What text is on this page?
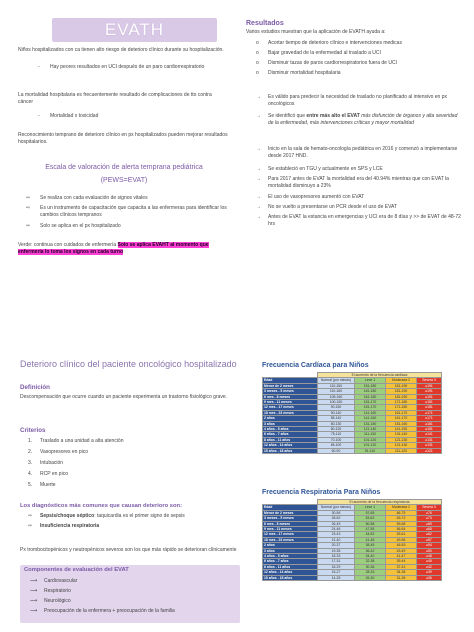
EVATH
Niños hospitalizados con ca tienen alto riesgo de deterioro clínico durante su hospitalización.
- Hay peores resultados en UCI después de un paro cardiorrespiratorio
La mortalidad hospitalaria es frecuentemente resultado de complicaciones de tto contra cáncer
- Mortalidad x toxicidad
Reconocimiento temprano de deterioro clínico en px hospitalizados pueden mejorar resultados hospitalarios.
Escala de valoración de alerta temprana pediátrica
(PEWS=EVAT)
⇨ Se realiza con cada evaluación de signos vitales
⇨ Es un instrumento de capacitación que capacita a las enfermeras para identificar los cambios clínicos tempranos
⇨ Solo se aplica en el px hospitalizado
Verde: continua con cuidados de enfermería Solo se aplica EVAHT al momento que enfermería lo toma los signos en cada turno
Resultados
Varios estudios muestran que la aplicación de EVATH ayuda a:
o Acortar tiempo de deterioro clínico e intervenciones medicas
o Bajar gravedad de la enfermedad al traslado a UCI
o Disminuir tazas de paros cardiorrespiratorios fuera de UCI
o Disminuir mortalidad hospitalaria
→ Es válido para predecir la necesidad de traslado no planificado al intensivo en px oncológicos
→ Se identificó que entre más alto el EVAT más disfunción de órganos y alta severidad de la enfermedad, más intervenciones críticas y mayor mortalidad
→ Inicio en la sala de hemato-oncología pediátrica en 2016 y comenzó a implementarse desde 2017 HND.
→ Se estableció en TGU y actualmente en SPS y LCE
→ Para 2017 antes de EVAT la mortalidad era del 40.94% mientras que con EVAT la mortalidad disminuyo a 23%
→ El uso de vasopresores aumentó con EVAT
→ No se vuelto a presentarse un PCR desde el uso de EVAT
→ Antes de EVAT la estancia en emergencias y UCI era de 8 días y >> de EVAT de 48-72 hrs
Deterioro clínico del paciente oncológico hospitalizado
Definición
Descompensación que ocurre cuando un paciente experimenta un trastorno fisiológico grave.
Criterios
1. Traslado a una unidad a alta atención
2. Vasopresores en pico
3. Intubación
4. RCP en pico
5. Muerte
Los diagnósticos más comunes que causan deterioro son:
⇨ Sepsis/choque séptico: taquicardia es el primer signo de sepsis
⇨ Insuficiencia respiratoria
Px trombocitopénicos y neutropénicos severos son los que más rápido se deterioran clínicamente
Componentes de evaluación del EVAT
⟶ Cardiovascular
⟶ Respiratorio
⟶ Neurológico
⟶ Preocupación de la enfermera + preocupación de la familia
Frecuencia Cardíaca para Niños
	El aumento de la frecuencia cardiaca			
Edad	Normal (por minuto)	Leve 1	Moderada 2	Severa 3
Menor de 2 meses	110-150	151-180	181-190	≥191
3 meses - 5 meses	110-160	161-180	181-190	≥191
6 mes - 8 meses	105-160	161-180	181-190	≥191
9 mes - 11 meses	100-150	151-170	171-180	≥181
12 mes - 17 meses	90-150	151-170	171-180	≥181
18 mes - 23 meses	90-140	141-160	161-170	≥171
2 años	85-140	141-160	161-170	≥171
3 años	80-130	131-150	151-160	≥161
4 años - 5 años	80-120	121-140	141-150	≥151
6 años - 7 años	75-110	111-130	131-140	≥141
8 años - 11 años	70-100	101-120	121-130	≥131
12 años - 14 años	65-100	101-120	121-130	≥131
15 años - 18 años	60-90	91-110	111-120	≥121
Frecuencia Respiratoria Para Niños
	El aumento de la frecuencia respiratoria			
Edad	Normal (por minuto)	Leve 1	Moderada 2	Severa 3
Menor de 2 meses	30-56	57-65	66-75	≥76
3 meses - 5 meses	28-52	53-62	63-72	≥73
6 mes - 8 meses	26-49	50-58	59-68	≥69
9 mes - 11 meses	24-46	47-55	56-64	≥65
12 mes - 17 meses	23-43	44-52	53-61	≥62
18 mes - 23 meses	21-40	41-48	49-56	≥57
2 años	20-37	38-45	46-53	≥54
3 años	19-35	36-42	43-49	≥50
4 años - 5 años	18-33	34-40	41-47	≥48
6 años - 7 años	17-31	32-38	39-44	≥45
8 años - 11 años	16-29	30-36	37-41	≥42
12 años - 14 años	15-27	28-33	34-38	≥39
15 años - 18 años	14-25	26-30	31-35	≥36
